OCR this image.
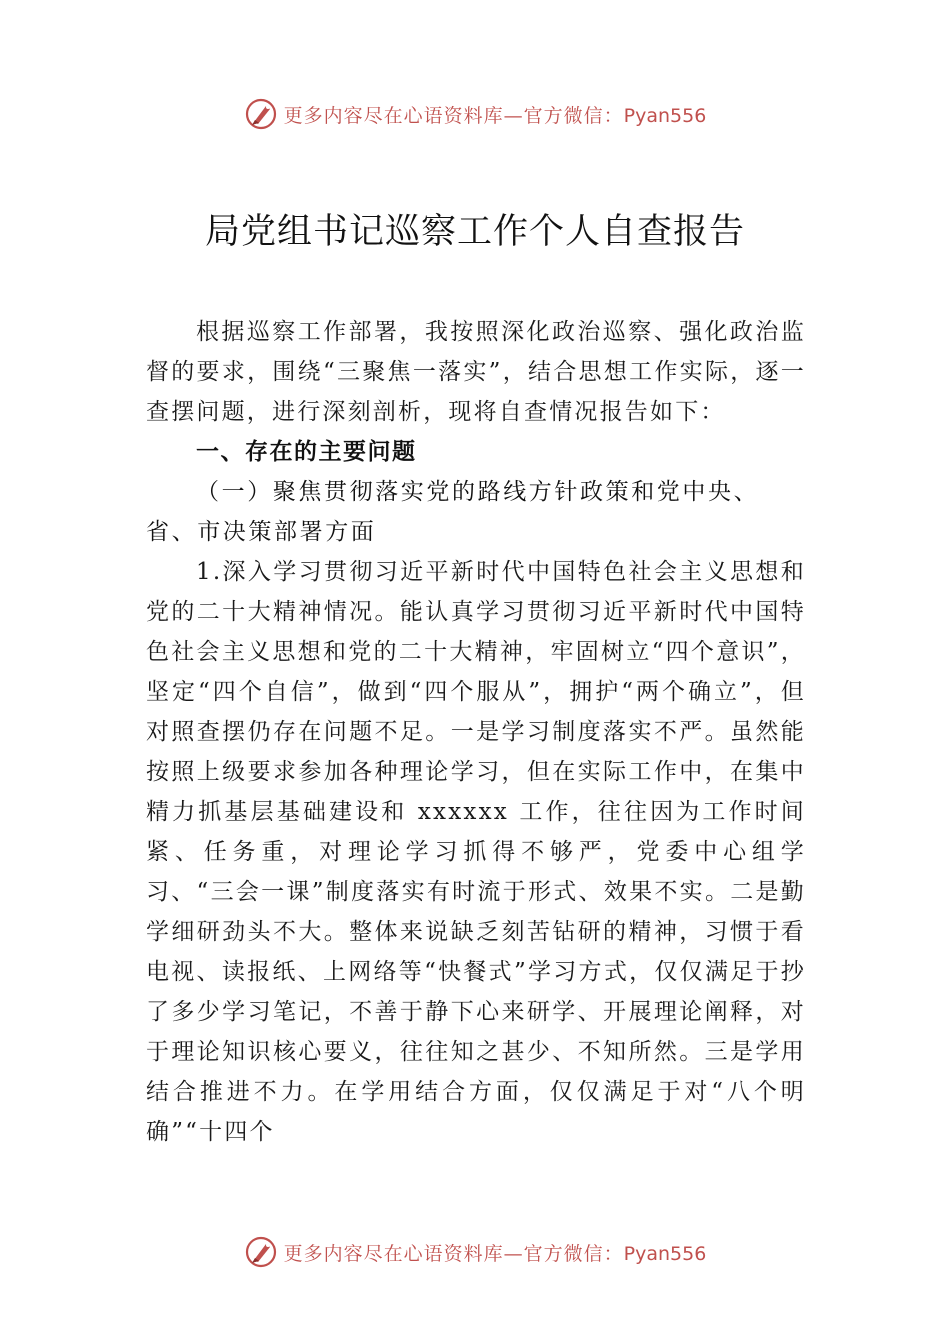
更多内容尽在心语资料库—官方微信：Pyan556
局党组书记巡察工作个人自查报告

根据巡察工作部署，我按照深化政治巡察、强化政治监督的要求，围绕“三聚焦一落实”，结合思想工作实际，逐一 查摆问题，进行深刻剖析，现将自查情况报告如下：

一、存在的主要问题

（一）聚焦贯彻落实党的路线方针政策和党中央、省、市决策部署方面

1.深入学习贯彻习近平新时代中国特色社会主义思想和党的二十大精神情况。能认真学习贯彻习近平新时代中国特色社会主义思想和党的二十大精神，牢固树立“四个意识”，坚定“四个自信”，做到“四个服从”，拥护“两个确立”，但对照查摆仍存在问题不足。一是学习制度落实不严。虽然能按照上级要求参加各种理论学习，但在实际工作中，在集中精力抓基层基础建设和 xxxxxx 工作，往往因为工作时间紧、任务重，对理论学习抓得不够严，党委中心组学习、“三会一课”制度落实有时流于形式、效果不实。二是勤学细研劲头不大。整体来说缺乏刻苦钻研的精神，习惯于看电视、读报纸、上网络等“快餐式”学习方式，仅仅满足于抄了多少学习笔记，不善于静下心来研学、开展理论阐释，对于理论知识核心要义，往往知之甚少、不知所然。三是学用结合推进不力。在学用结合方面，仅仅满足于对“八个明确”“十四个

更多内容尽在心语资料库—官方微信：Pyan556
